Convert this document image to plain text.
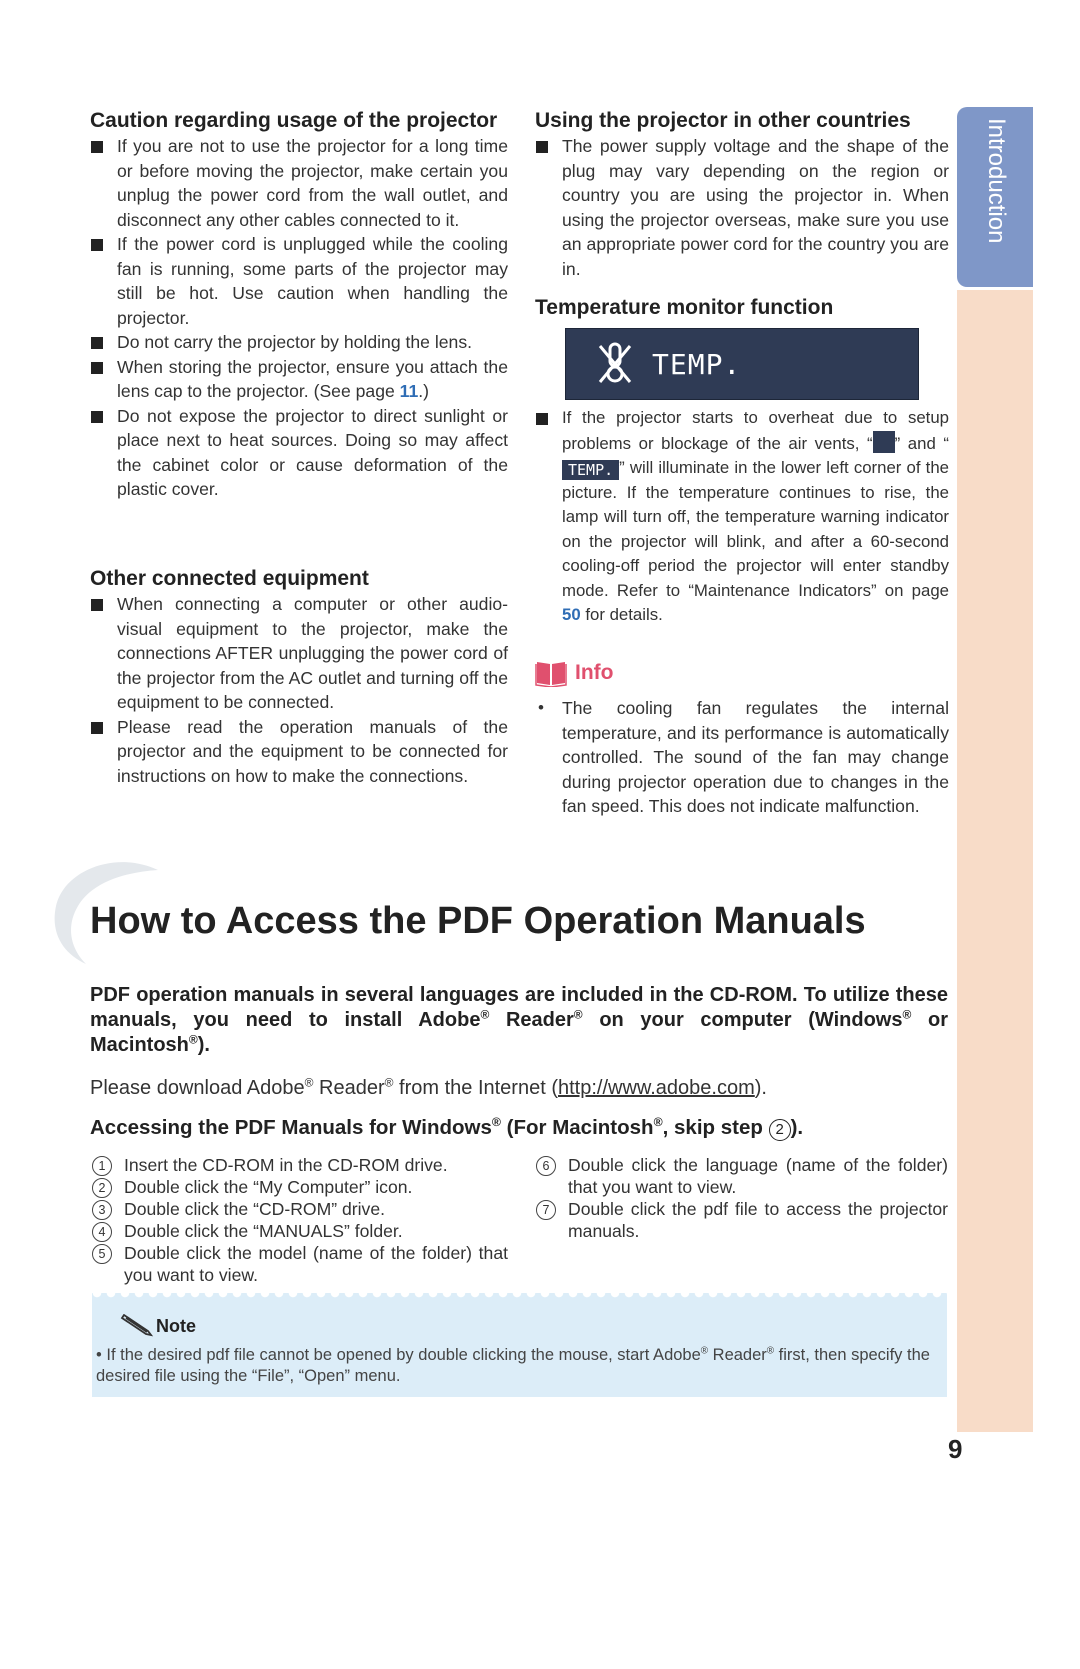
Introduction
Caution regarding usage of the projector
If you are not to use the projector for a long time or before moving the projector, make certain you unplug the power cord from the wall outlet, and disconnect any other cables connected to it.
If the power cord is unplugged while the cooling fan is running, some parts of the projector may still be hot. Use caution when handling the projector.
Do not carry the projector by holding the lens.
When storing the projector, ensure you attach the lens cap to the projector. (See page 11.)
Do not expose the projector to direct sunlight or place next to heat sources. Doing so may affect the cabinet color or cause deformation of the plastic cover.
Other connected equipment
When connecting a computer or other audio-visual equipment to the projector, make the connections AFTER unplugging the power cord of the projector from the AC outlet and turning off the equipment to be connected.
Please read the operation manuals of the projector and the equipment to be connected for instructions on how to make the connections.
Using the projector in other countries
The power supply voltage and the shape of the plug may vary depending on the region or country you are using the projector in. When using the projector overseas, make sure you use an appropriate power cord for the country you are in.
Temperature monitor function
TEMP.
If the projector starts to overheat due to setup problems or blockage of the air vents, “ ” and “TEMP. ” will illuminate in the lower left corner of the picture. If the temperature continues to rise, the lamp will turn off, the temperature warning indicator on the projector will blink, and after a 60-second cooling-off period the projector will enter standby mode. Refer to “Maintenance Indicators” on page 50 for details.
Info
• The cooling fan regulates the internal temperature, and its performance is automatically controlled. The sound of the fan may change during projector operation due to changes in the fan speed. This does not indicate malfunction.
How to Access the PDF Operation Manuals
PDF operation manuals in several languages are included in the CD-ROM. To utilize these manuals, you need to install Adobe® Reader® on your computer (Windows® or Macintosh®).
Please download Adobe® Reader® from the Internet (http://www.adobe.com).
Accessing the PDF Manuals for Windows® (For Macintosh®, skip step 2 ).
1	Insert the CD-ROM in the CD-ROM drive.
2	Double click the “My Computer” icon.
3	Double click the “CD-ROM” drive.
4	Double click the “MANUALS” folder.
5	Double click the model (name of the folder) that you want to view.
6	Double click the language (name of the folder) that you want to view.
7	Double click the pdf file to access the projector manuals.
Note
• If the desired pdf file cannot be opened by double clicking the mouse, start Adobe® Reader® first, then specify the desired file using the “File”, “Open” menu.
9
